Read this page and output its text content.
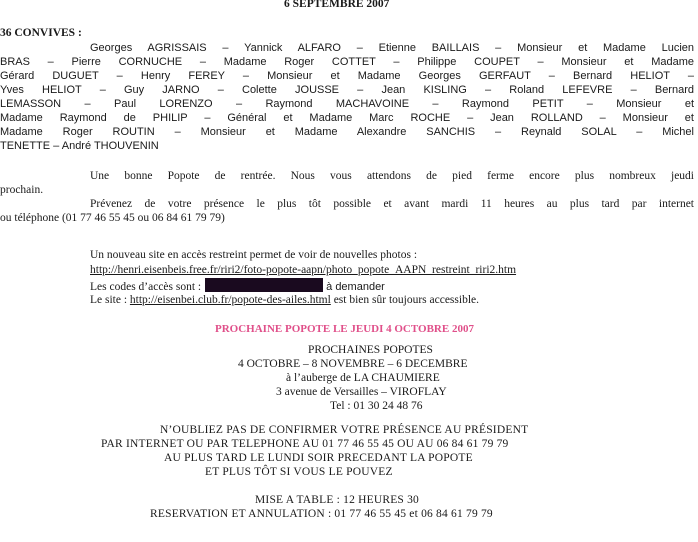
6 SEPTEMBRE 2007
36 CONVIVES :
Georges AGRISSAIS – Yannick ALFARO – Etienne BAILLAIS – Monsieur et Madame Lucien
BRAS – Pierre CORNUCHE – Madame Roger COTTET – Philippe COUPET – Monsieur et Madame
Gérard DUGUET – Henry FEREY – Monsieur et Madame Georges GERFAUT – Bernard HELIOT –
Yves HELIOT – Guy JARNO – Colette JOUSSE – Jean KISLING – Roland LEFEVRE – Bernard
LEMASSON – Paul LORENZO – Raymond MACHAVOINE – Raymond PETIT – Monsieur et
Madame Raymond de PHILIP – Général et Madame Marc ROCHE – Jean ROLLAND – Monsieur et
Madame Roger ROUTIN – Monsieur et Madame Alexandre SANCHIS – Reynald SOLAL – Michel
TENETTE – André THOUVENIN
Une bonne Popote de rentrée. Nous vous attendons de pied ferme encore plus nombreux jeudi
prochain.
Prévenez de votre présence le plus tôt possible et avant mardi 11 heures au plus tard par internet
ou téléphone (01 77 46 55 45 ou 06 84 61 79 79)
Un nouveau site en accès restreint permet de voir de nouvelles photos :
http://henri.eisenbeis.free.fr/riri2/foto-popote-aapn/photo_popote_AAPN_restreint_riri2.htm
Les codes d’accès sont :	à demander
Le site : http://eisenbei.club.fr/popote-des-ailes.html est bien sûr toujours accessible.
PROCHAINE POPOTE LE JEUDI 4 OCTOBRE 2007
PROCHAINES POPOTES
4 OCTOBRE – 8 NOVEMBRE – 6 DECEMBRE
à l’auberge de LA CHAUMIERE
3 avenue de Versailles – VIROFLAY
Tel : 01 30 24 48 76
N’OUBLIEZ PAS DE CONFIRMER VOTRE PRÉSENCE AU PRÉSIDENT
PAR INTERNET OU PAR TELEPHONE AU 01 77 46 55 45 OU AU 06 84 61 79 79
AU PLUS TARD LE LUNDI SOIR PRECEDANT LA POPOTE
ET PLUS TÔT SI VOUS LE POUVEZ
MISE A TABLE : 12 HEURES 30
RESERVATION ET ANNULATION : 01 77 46 55 45 et 06 84 61 79 79
